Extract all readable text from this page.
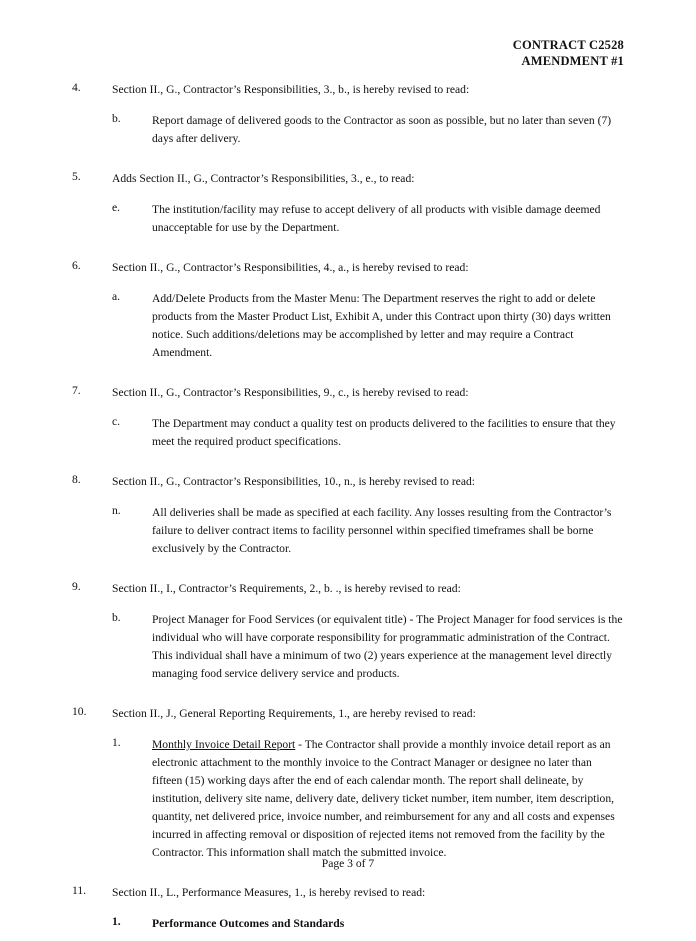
CONTRACT C2528
AMENDMENT #1
4.	Section II., G., Contractor’s Responsibilities, 3., b., is hereby revised to read:
b.	Report damage of delivered goods to the Contractor as soon as possible, but no later than seven (7) days after delivery.
5.	Adds Section II., G., Contractor’s Responsibilities, 3., e., to read:
e.	The institution/facility may refuse to accept delivery of all products with visible damage deemed unacceptable for use by the Department.
6.	Section II., G., Contractor’s Responsibilities, 4., a., is hereby revised to read:
a.	Add/Delete Products from the Master Menu: The Department reserves the right to add or delete products from the Master Product List, Exhibit A, under this Contract upon thirty (30) days written notice. Such additions/deletions may be accomplished by letter and may require a Contract Amendment.
7.	Section II., G., Contractor’s Responsibilities, 9., c., is hereby revised to read:
c.	The Department may conduct a quality test on products delivered to the facilities to ensure that they meet the required product specifications.
8.	Section II., G., Contractor’s Responsibilities, 10., n., is hereby revised to read:
n.	All deliveries shall be made as specified at each facility. Any losses resulting from the Contractor’s failure to deliver contract items to facility personnel within specified timeframes shall be borne exclusively by the Contractor.
9.	Section II., I., Contractor’s Requirements, 2., b. ., is hereby revised to read:
b.	Project Manager for Food Services (or equivalent title) - The Project Manager for food services is the individual who will have corporate responsibility for programmatic administration of the Contract. This individual shall have a minimum of two (2) years experience at the management level directly managing food service delivery service and products.
10.	Section II., J., General Reporting Requirements, 1., are hereby revised to read:
1.	Monthly Invoice Detail Report - The Contractor shall provide a monthly invoice detail report as an electronic attachment to the monthly invoice to the Contract Manager or designee no later than fifteen (15) working days after the end of each calendar month. The report shall delineate, by institution, delivery site name, delivery date, delivery ticket number, item number, item description, quantity, net delivered price, invoice number, and reimbursement for any and all costs and expenses incurred in affecting removal or disposition of rejected items not removed from the facility by the Contractor. This information shall match the submitted invoice.
11.	Section II., L., Performance Measures, 1., is hereby revised to read:
1.	Performance Outcomes and Standards
Page 3 of 7
